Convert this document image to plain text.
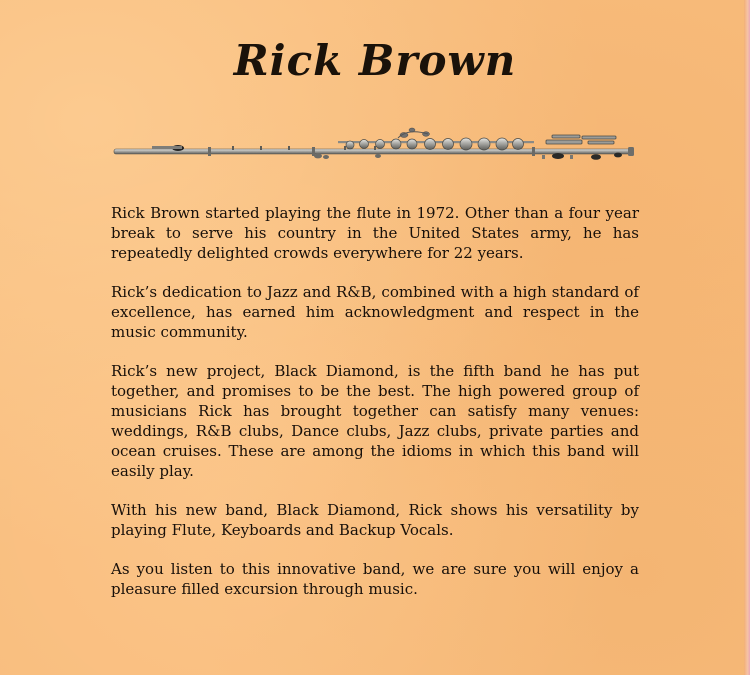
Rick Brown

Rick Brown started playing the flute in 1972. Other than a four year break to serve his country in the United States army, he has repeatedly delighted crowds everywhere for 22 years.

Rick’s dedication to Jazz and R&B, combined with a high standard of excellence, has earned him acknowledgment and respect in the music community.

Rick’s new project, Black Diamond, is the fifth band he has put together, and promises to be the best. The high powered group of musicians Rick has brought together can satisfy many venues: weddings, R&B clubs, Dance clubs, Jazz clubs, private parties and ocean cruises. These are among the idioms in which this band will easily play.

With his new band, Black Diamond, Rick shows his versatility by playing Flute, Keyboards and Backup Vocals.

As you listen to this innovative band, we are sure you will enjoy a pleasure filled excursion through music.
